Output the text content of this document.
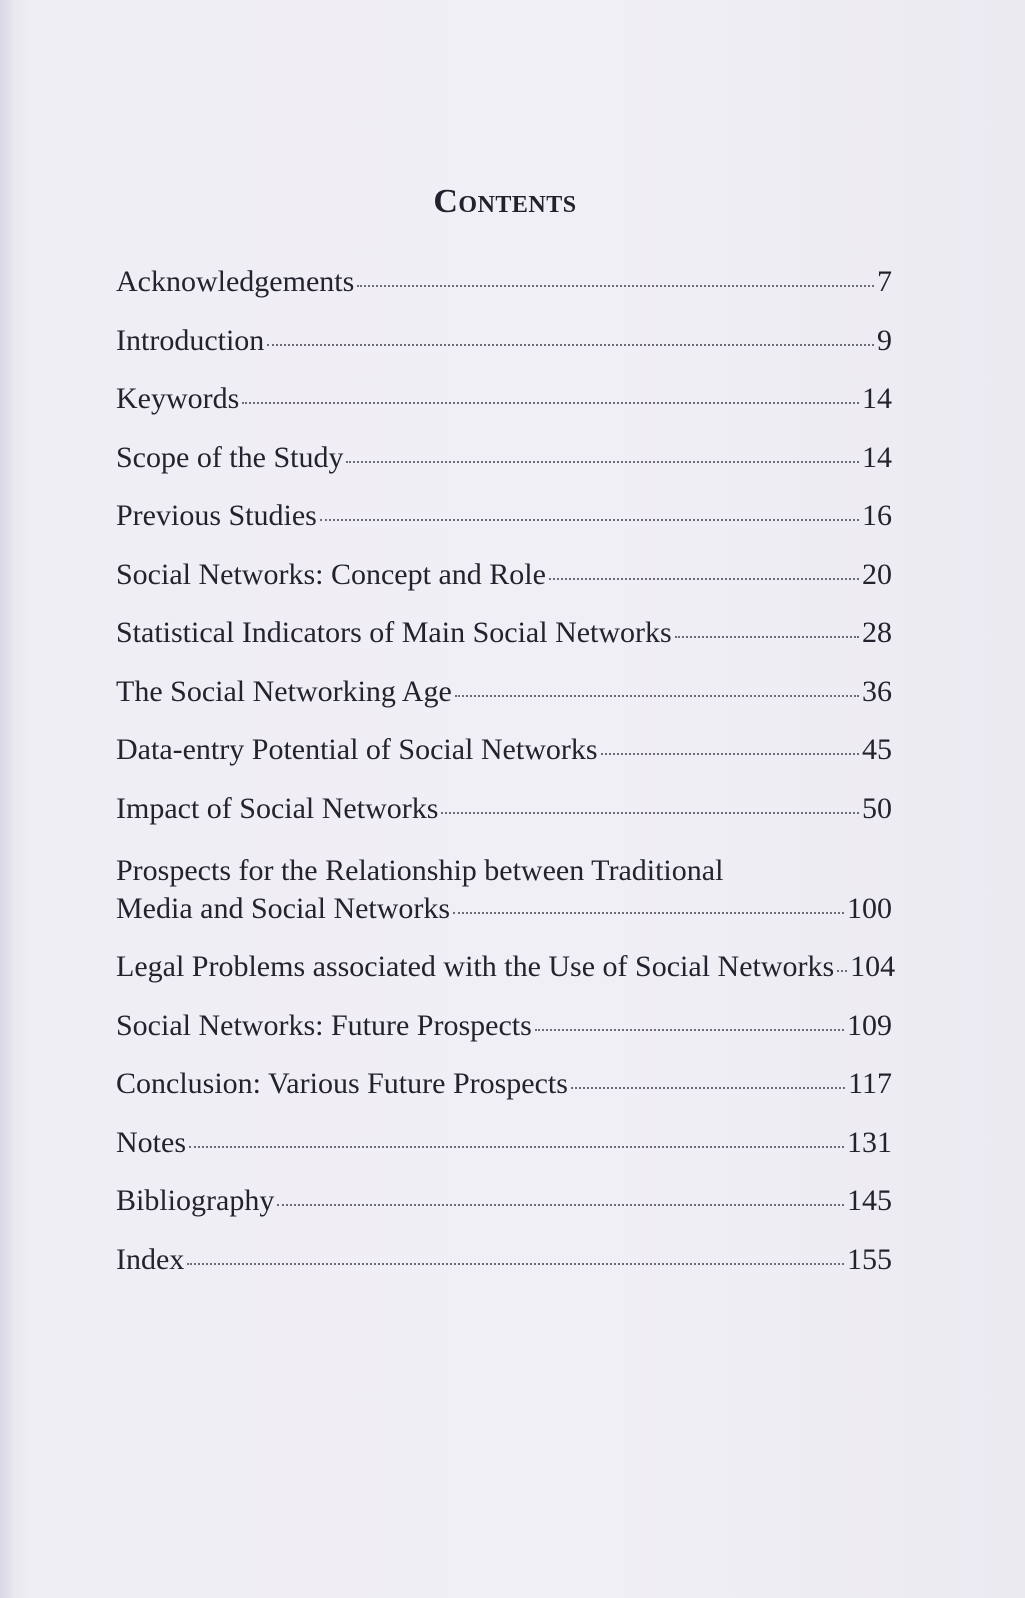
Contents
Acknowledgements	7
Introduction	9
Keywords	14
Scope of the Study	14
Previous Studies	16
Social Networks: Concept and Role	20
Statistical Indicators of Main Social Networks	28
The Social Networking Age	36
Data-entry Potential of Social Networks	45
Impact of Social Networks	50
Prospects for the Relationship between Traditional
Media and Social Networks	100
Legal Problems associated with the Use of Social Networks 104
Social Networks: Future Prospects	109
Conclusion: Various Future Prospects	117
Notes	131
Bibliography	145
Index	155
